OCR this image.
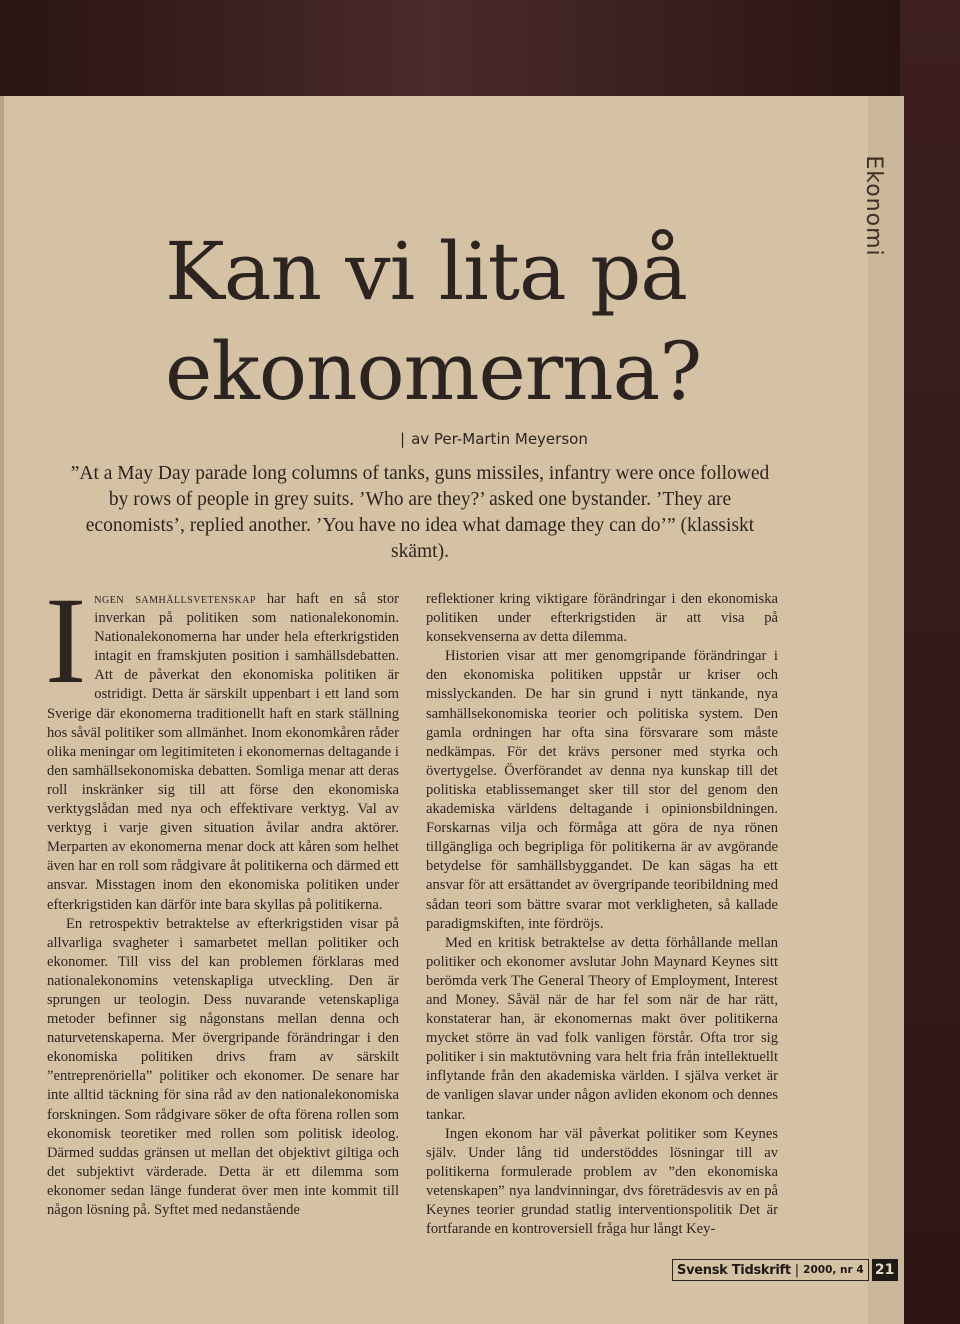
Ekonomi
Kan vi lita på
ekonomerna?
| av Per-Martin Meyerson

”At a May Day parade long columns of tanks, guns missiles, infantry were once followed by rows of people in grey suits. ’Who are they?’ asked one bystander. ’They are economists’, replied another. ’You have no idea what damage they can do’” (klassiskt skämt).

Ingen samhällsvetenskap har haft en så stor inverkan på politiken som nationalekonomin. Nationalekonomerna har under hela efterkrigstiden intagit en framskjuten position i samhällsdebatten. Att de påverkat den ekonomiska politiken är ostridigt. Detta är särskilt uppenbart i ett land som Sverige där ekonomerna traditionellt haft en stark ställning hos såväl politiker som allmänhet. Inom ekonomkåren råder olika meningar om legitimiteten i ekonomernas deltagande i den samhällsekonomiska debatten. Somliga menar att deras roll inskränker sig till att förse den ekonomiska verktygslådan med nya och effektivare verktyg. Val av verktyg i varje given situation åvilar andra aktörer. Merparten av ekonomerna menar dock att kåren som helhet även har en roll som rådgivare åt politikerna och därmed ett ansvar. Misstagen inom den ekonomiska politiken under efterkrigstiden kan därför inte bara skyllas på politikerna.

En retrospektiv betraktelse av efterkrigstiden visar på allvarliga svagheter i samarbetet mellan politiker och ekonomer. Till viss del kan problemen förklaras med nationalekonomins vetenskapliga utveckling. Den är sprungen ur teologin. Dess nuvarande vetenskapliga metoder befinner sig någonstans mellan denna och naturvetenskaperna. Mer övergripande förändringar i den ekonomiska politiken drivs fram av särskilt ”entreprenöriella” politiker och ekonomer. De senare har inte alltid täckning för sina råd av den nationalekonomiska forskningen. Som rådgivare söker de ofta förena rollen som ekonomisk teoretiker med rollen som politisk ideolog. Därmed suddas gränsen ut mellan det objektivt giltiga och det subjektivt värderade. Detta är ett dilemma som ekonomer sedan länge funderat över men inte kommit till någon lösning på. Syftet med nedanstående

reflektioner kring viktigare förändringar i den ekonomiska politiken under efterkrigstiden är att visa på konsekvenserna av detta dilemma.

Historien visar att mer genomgripande förändringar i den ekonomiska politiken uppstår ur kriser och misslyckanden. De har sin grund i nytt tänkande, nya samhällsekonomiska teorier och politiska system. Den gamla ordningen har ofta sina försvarare som måste nedkämpas. För det krävs personer med styrka och övertygelse. Överförandet av denna nya kunskap till det politiska etablissemanget sker till stor del genom den akademiska världens deltagande i opinionsbildningen. Forskarnas vilja och förmåga att göra de nya rönen tillgängliga och begripliga för politikerna är av avgörande betydelse för samhällsbyggandet. De kan sägas ha ett ansvar för att ersättandet av övergripande teoribildning med sådan teori som bättre svarar mot verkligheten, så kallade paradigmskiften, inte fördröjs.

Med en kritisk betraktelse av detta förhållande mellan politiker och ekonomer avslutar John Maynard Keynes sitt berömda verk The General Theory of Employment, Interest and Money. Såväl när de har fel som när de har rätt, konstaterar han, är ekonomernas makt över politikerna mycket större än vad folk vanligen förstår. Ofta tror sig politiker i sin maktutövning vara helt fria från intellektuellt inflytande från den akademiska världen. I själva verket är de vanligen slavar under någon avliden ekonom och dennes tankar.

Ingen ekonom har väl påverkat politiker som Keynes själv. Under lång tid understöddes lösningar till av politikerna formulerade problem av ”den ekonomiska vetenskapen” nya landvinningar, dvs företrädesvis av en på Keynes teorier grundad statlig interventionspolitik Det är fortfarande en kontroversiell fråga hur långt Key-

Svensk Tidskrift | 2000, nr 4 21
